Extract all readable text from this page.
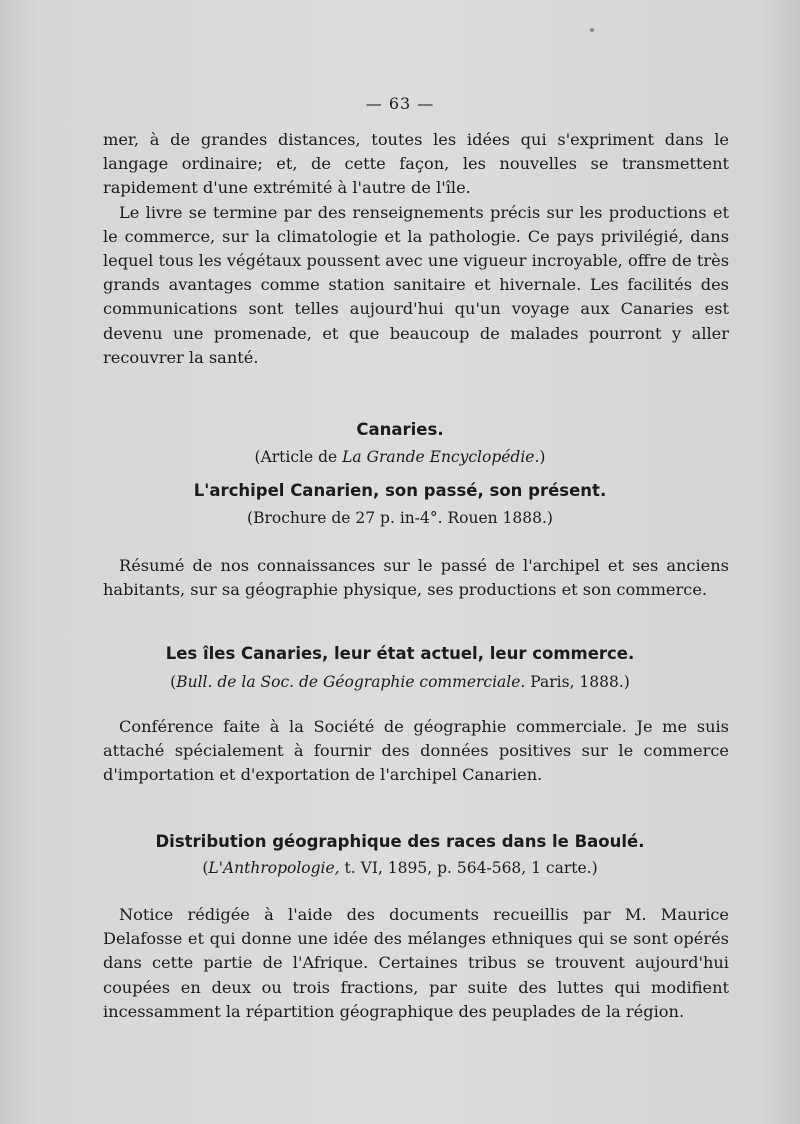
— 63 —

mer, à de grandes distances, toutes les idées qui s'expriment dans le langage ordinaire; et, de cette façon, les nouvelles se transmettent rapidement d'une extrémité à l'autre de l'île.

Le livre se termine par des renseignements précis sur les productions et le commerce, sur la climatologie et la pathologie. Ce pays privilégié, dans lequel tous les végétaux poussent avec une vigueur incroyable, offre de très grands avantages comme station sanitaire et hivernale. Les facilités des communications sont telles aujourd'hui qu'un voyage aux Canaries est devenu une promenade, et que beaucoup de malades pourront y aller recouvrer la santé.

Canaries.
(Article de La Grande Encyclopédie.)
L'archipel Canarien, son passé, son présent.
(Brochure de 27 p. in-4°. Rouen 1888.)

Résumé de nos connaissances sur le passé de l'archipel et ses anciens habitants, sur sa géographie physique, ses productions et son commerce.

Les îles Canaries, leur état actuel, leur commerce.
(Bull. de la Soc. de Géographie commerciale. Paris, 1888.)

Conférence faite à la Société de géographie commerciale. Je me suis attaché spécialement à fournir des données positives sur le commerce d'importation et d'exportation de l'archipel Canarien.

Distribution géographique des races dans le Baoulé.
(L'Anthropologie, t. VI, 1895, p. 564-568, 1 carte.)

Notice rédigée à l'aide des documents recueillis par M. Maurice Delafosse et qui donne une idée des mélanges ethniques qui se sont opérés dans cette partie de l'Afrique. Certaines tribus se trouvent aujourd'hui coupées en deux ou trois fractions, par suite des luttes qui modifient incessamment la répartition géographique des peuplades de la région.
